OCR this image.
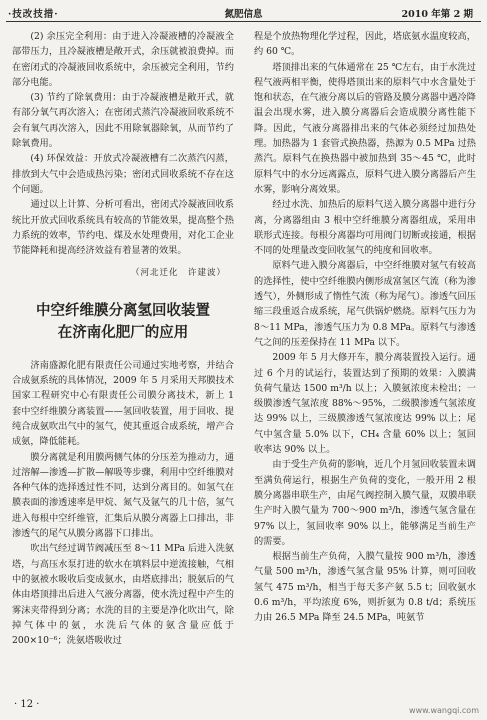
·技改技措·	氮肥信息	2010 年第 2 期

(2) 余压完全利用：由于进入冷凝液槽的冷凝液全部带压力，且冷凝液槽是敞开式，余压就被浪费掉。而在密闭式的冷凝液回收系统中，余压被完全利用，节约部分电能。

(3) 节约了除氧费用：由于冷凝液槽是敞开式，就有部分氧气再次溶入；在密闭式蒸汽冷凝液回收系统不会有氧气再次溶入，因此不用除氧器除氧，从而节约了除氧费用。

(4) 环保效益：开放式冷凝液槽有二次蒸汽闪蒸，排放到大气中会造成热污染；密闭式回收系统不存在这个问题。

通过以上计算、分析可看出，密闭式冷凝液回收系统比开放式回收系统具有较高的节能效果，提高整个热力系统的效率，节约电、煤及水处理费用，对化工企业节能降耗和提高经济效益有着显著的效果。

（河北迁化　许建波）
中空纤维膜分离氢回收装置
在济南化肥厂的应用

济南盛源化肥有限责任公司通过实地考察，并结合合成氨系统的具体情况，2009 年 5 月采用天邦膜技术国家工程研究中心有限责任公司膜分离技术，新上 1 套中空纤维膜分离装置——氢回收装置，用于回收、提纯合成氨吹出气中的氢气，使其重返合成系统，增产合成氨，降低能耗。

膜分离就是利用膜两侧气体的分压差为推动力，通过溶解—渗透—扩散—解吸等步骤，利用中空纤维膜对各种气体的选择透过性不同，达到分离目的。如氢气在膜表面的渗透速率是甲烷、氮气及氩气的几十倍，氢气进入每根中空纤维管，汇集后从膜分离器上口排出，非渗透气的尾气从膜分离器下口排出。

吹出气经过调节阀减压至 8～11 MPa 后进入洗氨塔，与高压水泵打进的软水在填料层中逆流接触，气相中的氨被水吸收后变成氨水，由塔底排出；脱氨后的气体由塔顶排出后进入气液分离器，使水洗过程中产生的雾沫夹带得到分离；水洗的目的主要是净化吹出气，除掉气体中的氨，水洗后气体的氨含量应低于 200×10⁻⁶；洗氨塔吸收过

程是个放热物理化学过程，因此，塔底氨水温度较高，约 60 ℃。

塔顶排出来的气体通常在 25 ℃左右，由于水洗过程气液两相平衡，使得塔顶出来的原料气中水含量处于饱和状态，在气液分离以后的管路及膜分离器中遇冷降温会出现水雾，进入膜分离器后会造成膜分离性能下降。因此，气液分离器排出来的气体必须经过加热处理。加热器为 1 套管式换热器，热源为 0.5 MPa 过热蒸汽。原料气在换热器中被加热到 35～45 ℃，此时原料气中的水分远离露点，原料气进入膜分离器后产生水雾，影响分离效果。

经过水洗、加热后的原料气送入膜分离器中进行分离，分离器组由 3 根中空纤维膜分离器组成，采用串联形式连接。每根分离器均可用阀门切断或接通，根据不同的处理量改变回收氢气的纯度和回收率。

原料气进入膜分离器后，中空纤维膜对氢气有较高的选择性，使中空纤维膜内侧形成富氢区气流（称为渗透气），外侧形成了惰性气流（称为尾气）。渗透气回压缩三段重返合成系统，尾气供锅炉燃烧。原料气压力为 8～11 MPa，渗透气压力为 0.8 MPa。原料气与渗透气之间的压差保持在 11 MPa 以下。

2009 年 5 月大修开车，膜分离装置投入运行。通过 6 个月的试运行，装置达到了预期的效果：入膜满负荷气量达 1500 m³/h 以上；入膜氨浓度未检出；一级膜渗透气氢浓度 88%～95%，二级膜渗透气氢浓度达 99% 以上，三级膜渗透气氢浓度达 99% 以上；尾气中氢含量 5.0% 以下，CH₄ 含量 60% 以上；氢回收率达 90% 以上。

由于受生产负荷的影响，近几个月氢回收装置未调至满负荷运行，根据生产负荷的变化，一般开用 2 根膜分离器串联生产，由尾气阀控制入膜气量，双膜串联生产时入膜气量为 700～900 m³/h，渗透气氢含量在 97% 以上，氢回收率 90% 以上，能够满足当前生产的需要。

根据当前生产负荷，入膜气量按 900 m³/h，渗透气量 500 m³/h，渗透气氢含量 95% 计算，则可回收氢气 475 m³/h，相当于每天多产氨 5.5 t；回收氨水 0.6 m³/h，平均浓度 6%，则折氨为 0.8 t/d；系统压力由 26.5 MPa 降至 24.5 MPa，吨氨节

· 12 ·
www.wangqi.com
